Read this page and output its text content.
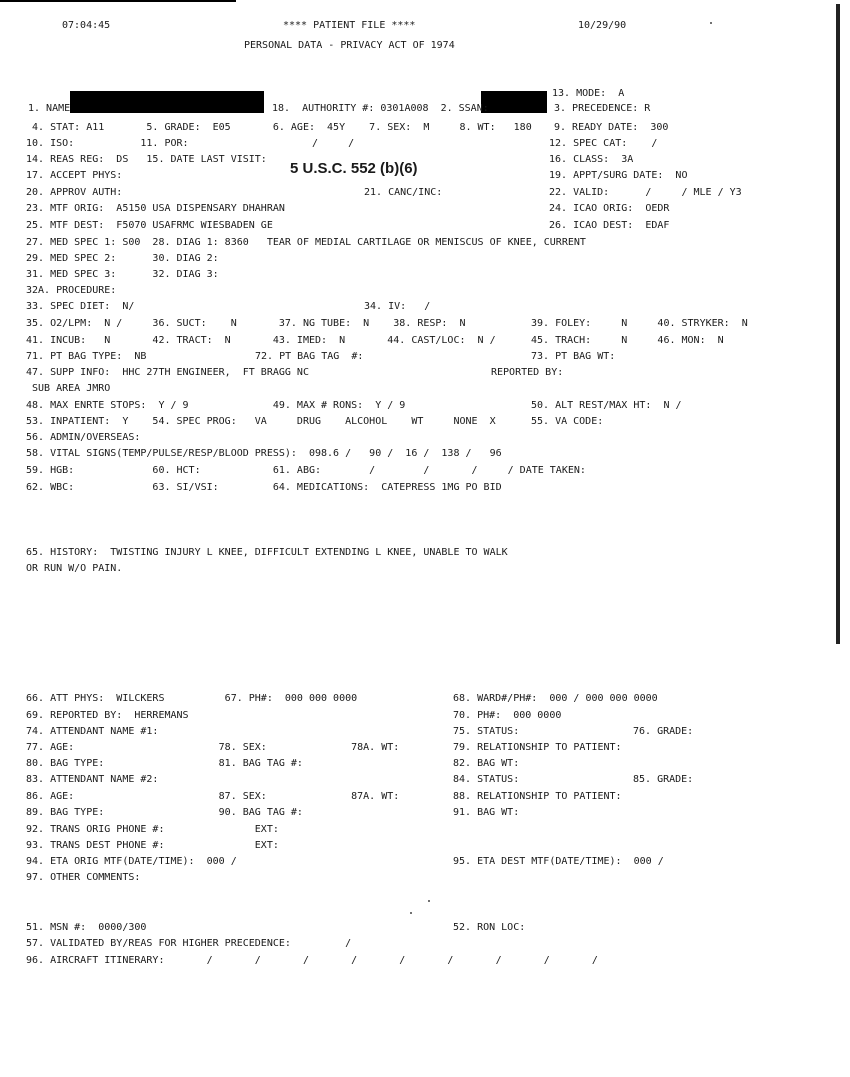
07:04:45	**** PATIENT FILE ****	10/29/90
PERSONAL DATA - PRIVACY ACT OF 1974
5 U.S.C. 552 (b)(6)
13. MODE:  A
1. NAME	18.  AUTHORITY #: 0301A008  2. SSAN:	3. PRECEDENCE: R
4. STAT: A11       5. GRADE:  E05       6. AGE:  45Y    7. SEX:  M     8. WT:   180 9. READY DATE:  300
10. ISO:           11. POR:	/     /	12. SPEC CAT:    /
14. REAS REG:  DS   15. DATE LAST VISIT:	16. CLASS:  3A
17. ACCEPT PHYS:	19. APPT/SURG DATE:  NO
20. APPROV AUTH:	21. CANC/INC:	22. VALID:      /     / MLE / Y3
23. MTF ORIG:  A5150 USA DISPENSARY DHAHRAN	24. ICAO ORIG:  OEDR
25. MTF DEST:  F5070 USAFRMC WIESBADEN GE	26. ICAO DEST:  EDAF
27. MED SPEC 1: S00  28. DIAG 1: 8360   TEAR OF MEDIAL CARTILAGE OR MENISCUS OF KNEE, CURRENT
29. MED SPEC 2:      30. DIAG 2:
31. MED SPEC 3:      32. DIAG 3:
32A. PROCEDURE:
33. SPEC DIET:  N/	34. IV:   /
35. O2/LPM:  N /     36. SUCT:    N       37. NG TUBE:  N    38. RESP:  N	39. FOLEY:     N     40. STRYKER:  N
41. INCUB:   N       42. TRACT:  N       43. IMED:  N       44. CAST/LOC:  N /	45. TRACH:     N     46. MON:  N
71. PT BAG TYPE:  NB	72. PT BAG TAG  #:	73. PT BAG WT:
47. SUPP INFO:  HHC 27TH ENGINEER,  FT BRAGG NC	REPORTED BY:
SUB AREA JMRO
48. MAX ENRTE STOPS:  Y / 9              49. MAX # RONS:  Y / 9	50. ALT REST/MAX HT:  N /
53. INPATIENT:  Y    54. SPEC PROG:   VA     DRUG    ALCOHOL    WT     NONE  X	55. VA CODE:
56. ADMIN/OVERSEAS:
58. VITAL SIGNS(TEMP/PULSE/RESP/BLOOD PRESS):  098.6 /   90 /  16 /  138 /   96
59. HGB:             60. HCT:            61. ABG:        /        /       /     / DATE TAKEN:
62. WBC:             63. SI/VSI:         64. MEDICATIONS:  CATEPRESS 1MG PO BID
65. HISTORY:  TWISTING INJURY L KNEE, DIFFICULT EXTENDING L KNEE, UNABLE TO WALK
OR RUN W/O PAIN.
66. ATT PHYS:  WILCKERS          67. PH#:  000 000 0000	68. WARD#/PH#:  000 / 000 000 0000
69. REPORTED BY:  HERREMANS	70. PH#:  000 0000
74. ATTENDANT NAME #1:	75. STATUS:	76. GRADE:
77. AGE:                        78. SEX:              78A. WT:	79. RELATIONSHIP TO PATIENT:
80. BAG TYPE:                   81. BAG TAG #:	82. BAG WT:
83. ATTENDANT NAME #2:	84. STATUS:	85. GRADE:
86. AGE:                        87. SEX:              87A. WT:	88. RELATIONSHIP TO PATIENT:
89. BAG TYPE:                   90. BAG TAG #:	91. BAG WT:
92. TRANS ORIG PHONE #:               EXT:
93. TRANS DEST PHONE #:               EXT:
94. ETA ORIG MTF(DATE/TIME):  000 /	95. ETA DEST MTF(DATE/TIME):  000 /
97. OTHER COMMENTS:
51. MSN #:  0000/300	52. RON LOC:
57. VALIDATED BY/REAS FOR HIGHER PRECEDENCE:         /
96. AIRCRAFT ITINERARY:       /       /       /       /       /       /       /       /       /
